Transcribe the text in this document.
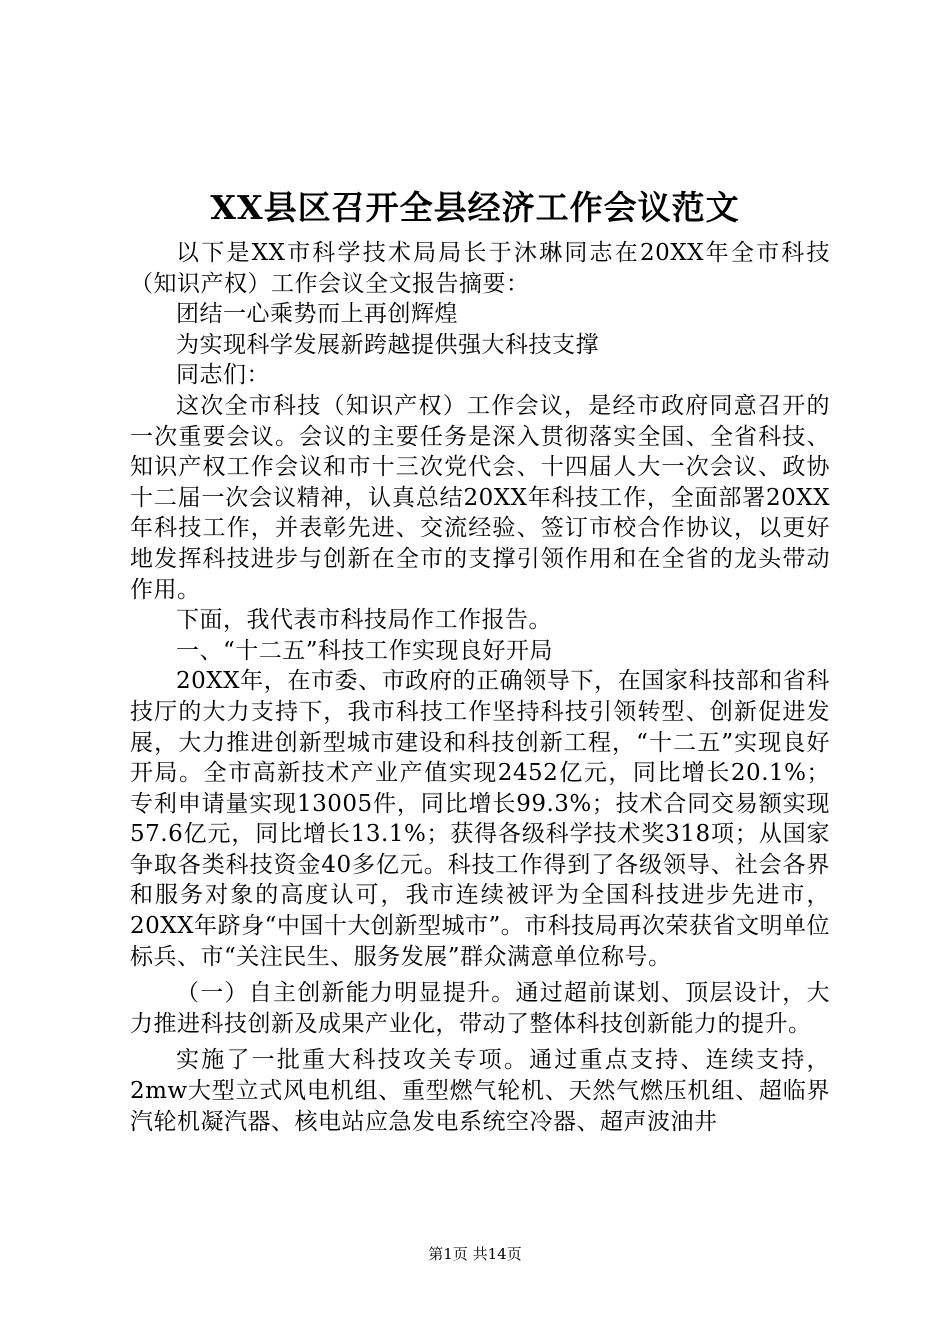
XX县区召开全县经济工作会议范文

以下是XX市科学技术局局长于沐琳同志在20XX年全市科技（知识产权）工作会议全文报告摘要：

团结一心乘势而上再创辉煌

为实现科学发展新跨越提供强大科技支撑

同志们：

这次全市科技（知识产权）工作会议，是经市政府同意召开的一次重要会议。会议的主要任务是深入贯彻落实全国、全省科技、知识产权工作会议和市十三次党代会、十四届人大一次会议、政协十二届一次会议精神，认真总结20XX年科技工作，全面部署20XX年科技工作，并表彰先进、交流经验、签订市校合作协议，以更好地发挥科技进步与创新在全市的支撑引领作用和在全省的龙头带动作用。

下面，我代表市科技局作工作报告。

一、“十二五”科技工作实现良好开局

20XX年，在市委、市政府的正确领导下，在国家科技部和省科技厅的大力支持下，我市科技工作坚持科技引领转型、创新促进发展，大力推进创新型城市建设和科技创新工程，“十二五”实现良好开局。全市高新技术产业产值实现2452亿元，同比增长20.1%；专利申请量实现13005件，同比增长99.3%；技术合同交易额实现57.6亿元，同比增长13.1%；获得各级科学技术奖318项；从国家争取各类科技资金40多亿元。科技工作得到了各级领导、社会各界和服务对象的高度认可，我市连续被评为全国科技进步先进市，20XX年跻身“中国十大创新型城市”。市科技局再次荣获省文明单位标兵、市“关注民生、服务发展”群众满意单位称号。

（一）自主创新能力明显提升。通过超前谋划、顶层设计，大力推进科技创新及成果产业化，带动了整体科技创新能力的提升。

实施了一批重大科技攻关专项。通过重点支持、连续支持，2mw大型立式风电机组、重型燃气轮机、天然气燃压机组、超临界汽轮机凝汽器、核电站应急发电系统空冷器、超声波油井

第1页 共14页
